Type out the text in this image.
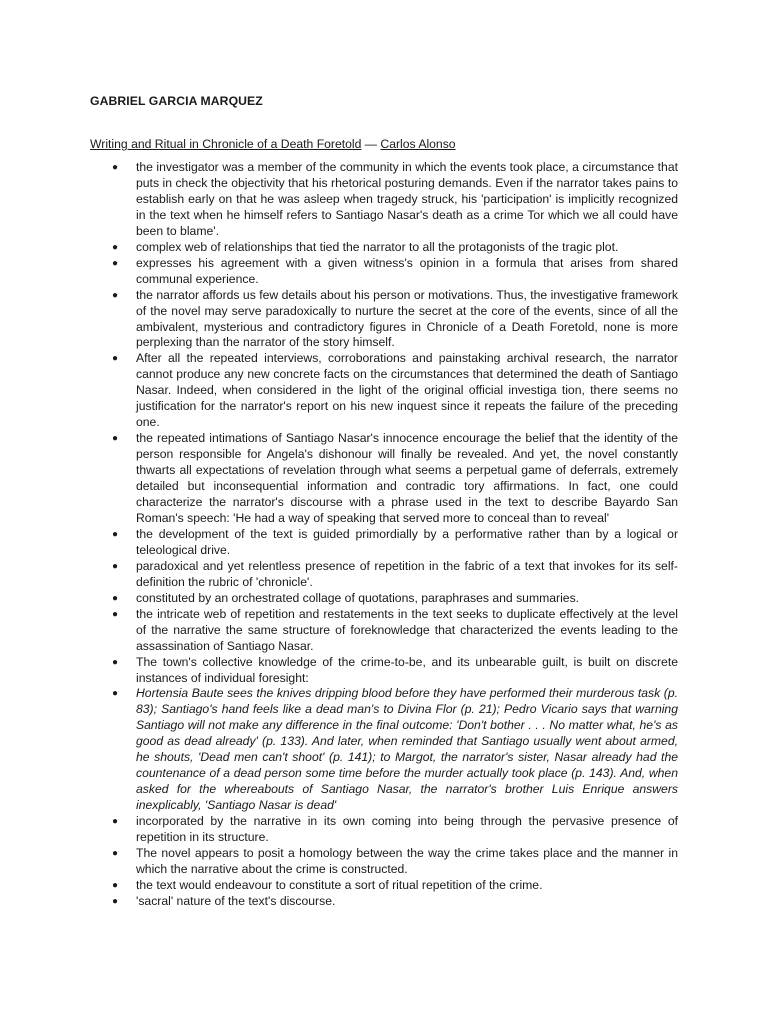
GABRIEL GARCIA MARQUEZ
Writing and Ritual in Chronicle of a Death Foretold — Carlos Alonso
● the investigator was a member of the community in which the events took place, a circumstance that puts in check the objectivity that his rhetorical posturing demands. Even if the narrator takes pains to establish early on that he was asleep when tragedy struck, his 'participation' is implicitly recognized in the text when he himself refers to Santiago Nasar's death as a crime Tor which we all could have been to blame'.
● complex web of relationships that tied the narrator to all the protagonists of the tragic plot.
● expresses his agreement with a given witness's opinion in a formula that arises from shared communal experience.
● the narrator affords us few details about his person or motivations. Thus, the investigative framework of the novel may serve paradoxically to nurture the secret at the core of the events, since of all the ambivalent, mysterious and contradictory figures in Chronicle of a Death Foretold, none is more perplexing than the narrator of the story himself.
● After all the repeated interviews, corroborations and painstaking archival research, the narrator cannot produce any new concrete facts on the circumstances that determined the death of Santiago Nasar. Indeed, when considered in the light of the original official investiga tion, there seems no justification for the narrator's report on his new inquest since it repeats the failure of the preceding one.
● the repeated intimations of Santiago Nasar's innocence encourage the belief that the identity of the person responsible for Angela's dishonour will finally be revealed. And yet, the novel constantly thwarts all expectations of revelation through what seems a perpetual game of deferrals, extremely detailed but inconsequential information and contradic tory affirmations. In fact, one could characterize the narrator's discourse with a phrase used in the text to describe Bayardo San Roman's speech: 'He had a way of speaking that served more to conceal than to reveal'
● the development of the text is guided primordially by a performative rather than by a logical or teleological drive.
● paradoxical and yet relentless presence of repetition in the fabric of a text that invokes for its self-definition the rubric of 'chronicle'.
● constituted by an orchestrated collage of quotations, paraphrases and summaries.
● the intricate web of repetition and restatements in the text seeks to duplicate effectively at the level of the narrative the same structure of foreknowledge that characterized the events leading to the assassination of Santiago Nasar.
● The town's collective knowledge of the crime-to-be, and its unbearable guilt, is built on discrete instances of individual foresight:
● Hortensia Baute sees the knives dripping blood before they have performed their murderous task (p. 83); Santiago's hand feels like a dead man's to Divina Flor (p. 21); Pedro Vicario says that warning Santiago will not make any difference in the final outcome: 'Don't bother . . . No matter what, he's as good as dead already' (p. 133). And later, when reminded that Santiago usually went about armed, he shouts, 'Dead men can't shoot' (p. 141); to Margot, the narrator's sister, Nasar already had the countenance of a dead person some time before the murder actually took place (p. 143). And, when asked for the whereabouts of Santiago Nasar, the narrator's brother Luis Enrique answers inexplicably, 'Santiago Nasar is dead'
● incorporated by the narrative in its own coming into being through the pervasive presence of repetition in its structure.
● The novel appears to posit a homology between the way the crime takes place and the manner in which the narrative about the crime is constructed.
● the text would endeavour to constitute a sort of ritual repetition of the crime.
● 'sacral' nature of the text's discourse.
